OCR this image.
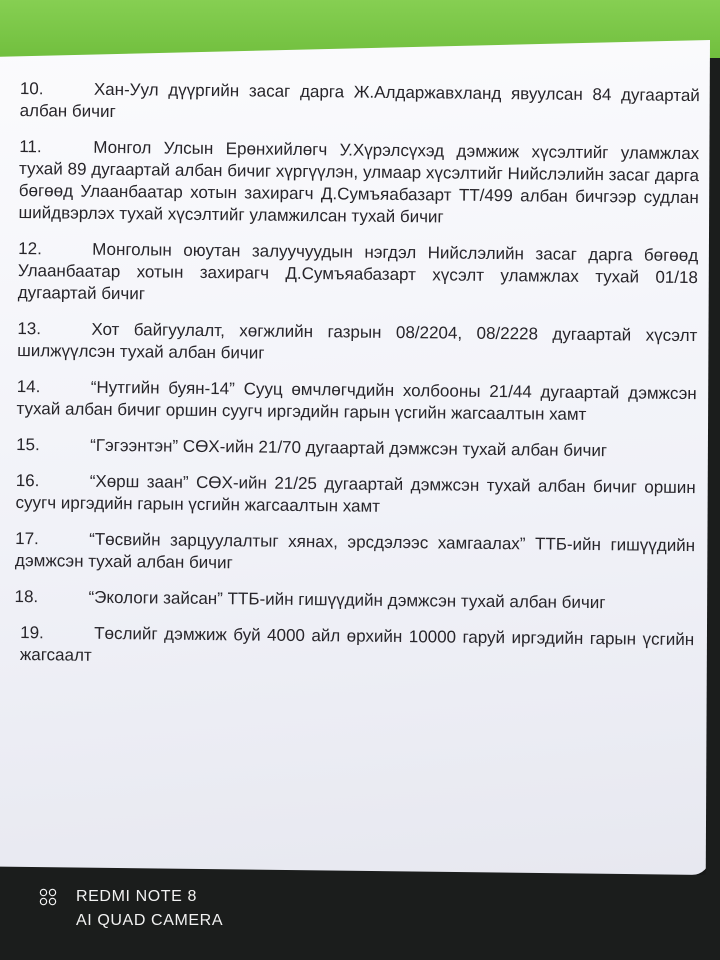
10.	Хан-Уул дүүргийн засаг дарга Ж.Алдаржавхланд явуулсан 84 дугаартай албан бичиг
11.	Монгол Улсын Ерөнхийлөгч У.Хүрэлсүхэд дэмжиж хүсэлтийг уламжлах тухай 89 дугаартай албан бичиг хүргүүлэн, улмаар хүсэлтийг Нийслэлийн засаг дарга бөгөөд Улаанбаатар хотын захирагч Д.Сумъяабазарт ТТ/499 албан бичгээр судлан шийдвэрлэх тухай хүсэлтийг уламжилсан тухай бичиг
12.	Монголын оюутан залуучуудын нэгдэл Нийслэлийн засаг дарга бөгөөд Улаанбаатар хотын захирагч Д.Сумъяабазарт хүсэлт уламжлах тухай 01/18 дугаартай бичиг
13.	Хот байгуулалт, хөгжлийн газрын 08/2204, 08/2228 дугаартай хүсэлт шилжүүлсэн тухай албан бичиг
14.	“Нутгийн буян-14” Сууц өмчлөгчдийн холбооны 21/44 дугаартай дэмжсэн тухай албан бичиг оршин суугч иргэдийн гарын үсгийн жагсаалтын хамт
15.	“Гэгээнтэн” СӨХ-ийн 21/70 дугаартай дэмжсэн тухай албан бичиг
16.	“Хөрш заан” СӨХ-ийн 21/25 дугаартай дэмжсэн тухай албан бичиг оршин суугч иргэдийн гарын үсгийн жагсаалтын хамт
17.	“Төсвийн зарцуулалтыг хянах, эрсдэлээс хамгаалах” ТТБ-ийн гишүүдийн дэмжсэн тухай албан бичиг
18.	“Экологи зайсан” ТТБ-ийн гишүүдийн дэмжсэн тухай албан бичиг
19.	Төслийг дэмжиж буй 4000 айл өрхийн 10000 гаруй иргэдийн гарын үсгийн жагсаалт
REDMI NOTE 8
AI QUAD CAMERA
